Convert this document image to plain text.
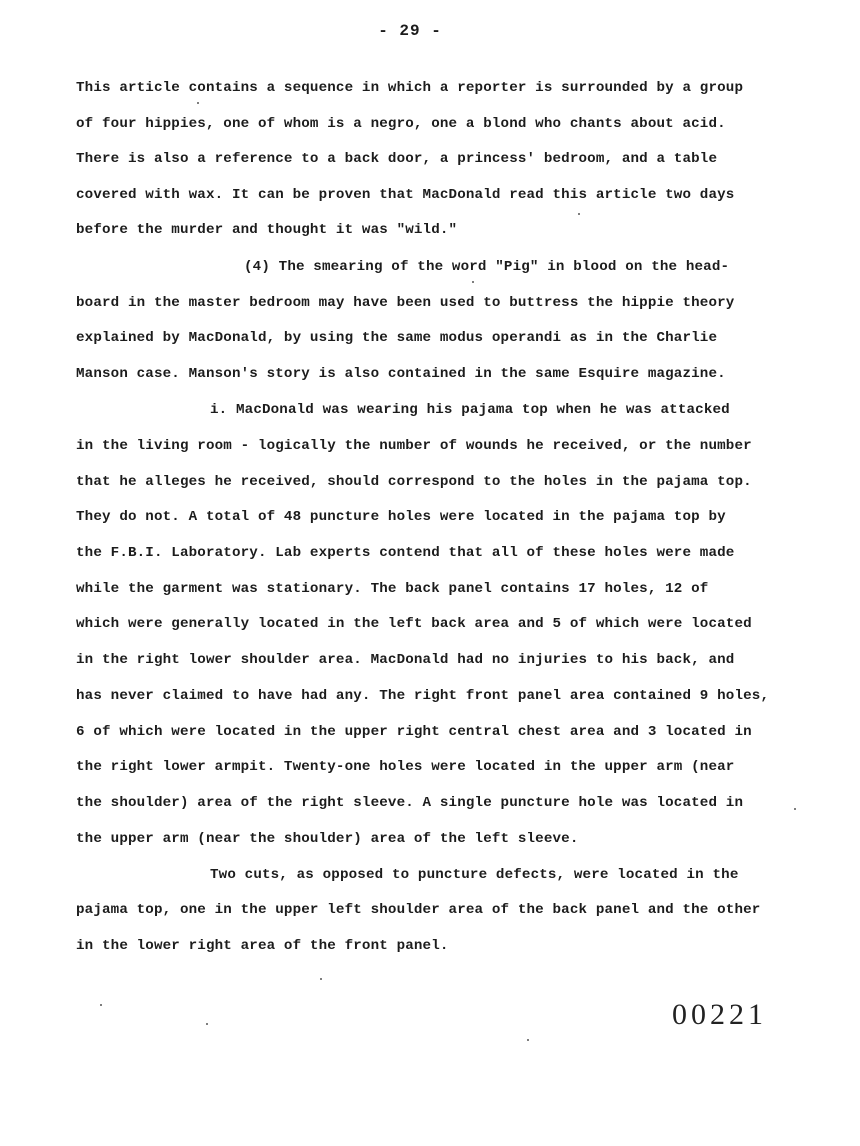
- 29 -
This article contains a sequence in which a reporter is surrounded by a group
of four hippies, one of whom is a negro, one a blond who chants about acid.
There is also a reference to a back door, a princess' bedroom, and a table
covered with wax. It can be proven that MacDonald read this article two days
before the murder and thought it was "wild."
(4) The smearing of the word "Pig" in blood on the head-
board in the master bedroom may have been used to buttress the hippie theory
explained by MacDonald, by using the same modus operandi as in the Charlie
Manson case. Manson's story is also contained in the same Esquire magazine.
i. MacDonald was wearing his pajama top when he was attacked
in the living room - logically the number of wounds he received, or the number
that he alleges he received, should correspond to the holes in the pajama top.
They do not. A total of 48 puncture holes were located in the pajama top by
the F.B.I. Laboratory. Lab experts contend that all of these holes were made
while the garment was stationary. The back panel contains 17 holes, 12 of
which were generally located in the left back area and 5 of which were located
in the right lower shoulder area. MacDonald had no injuries to his back, and
has never claimed to have had any. The right front panel area contained 9 holes,
6 of which were located in the upper right central chest area and 3 located in
the right lower armpit. Twenty-one holes were located in the upper arm (near
the shoulder) area of the right sleeve. A single puncture hole was located in
the upper arm (near the shoulder) area of the left sleeve.
Two cuts, as opposed to puncture defects, were located in the
pajama top, one in the upper left shoulder area of the back panel and the other
in the lower right area of the front panel.
00221
